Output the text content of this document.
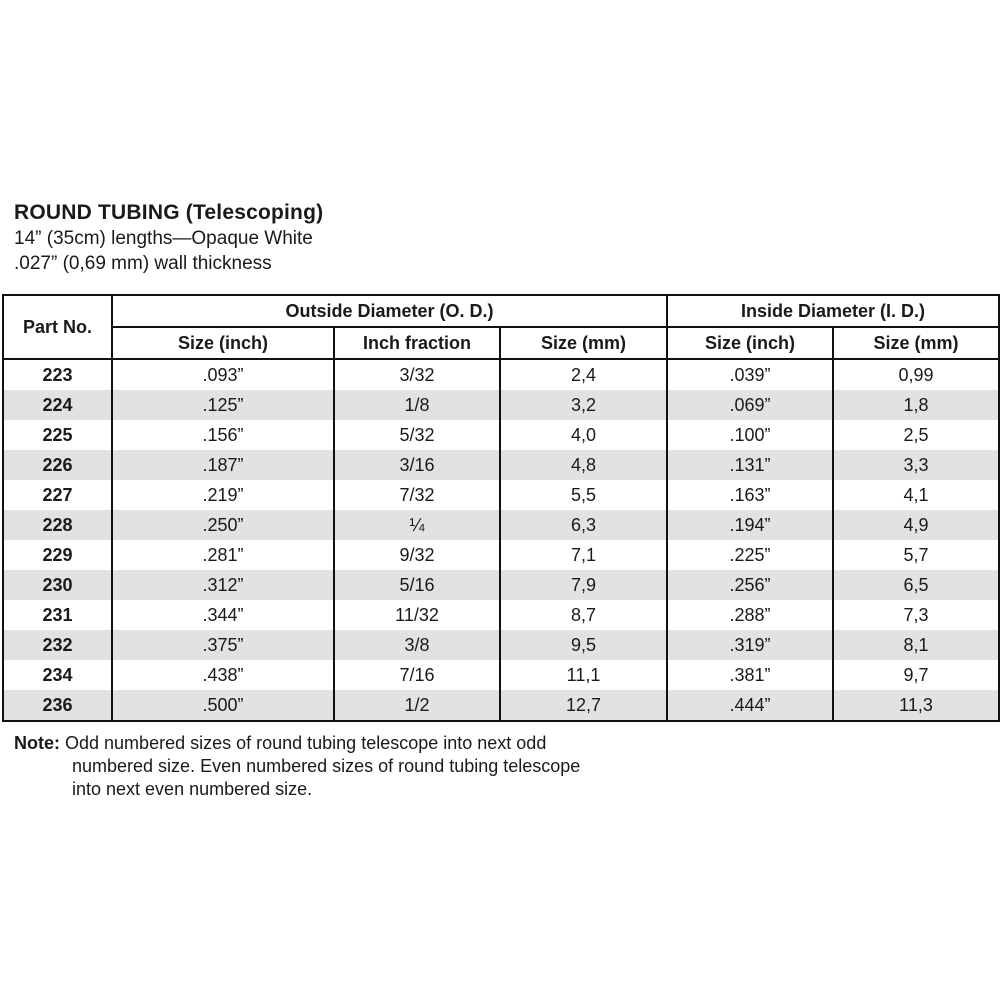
ROUND TUBING (Telescoping)
14” (35cm) lengths—Opaque White
.027” (0,69 mm) wall thickness
Part No.	Outside Diameter (O. D.)			Inside Diameter (I. D.)	
	Size (inch)	Inch fraction	Size (mm)	Size (inch)	Size (mm)
223	.093”	3/32	2,4	.039”	0,99
224	.125”	1/8	3,2	.069”	1,8
225	.156”	5/32	4,0	.100”	2,5
226	.187”	3/16	4,8	.131”	3,3
227	.219”	7/32	5,5	.163”	4,1
228	.250”	¼	6,3	.194”	4,9
229	.281”	9/32	7,1	.225”	5,7
230	.312”	5/16	7,9	.256”	6,5
231	.344”	11/32	8,7	.288”	7,3
232	.375”	3/8	9,5	.319”	8,1
234	.438”	7/16	11,1	.381”	9,7
236	.500”	1/2	12,7	.444”	11,3
Note: Odd numbered sizes of round tubing telescope into next odd
numbered size. Even numbered sizes of round tubing telescope
into next even numbered size.
